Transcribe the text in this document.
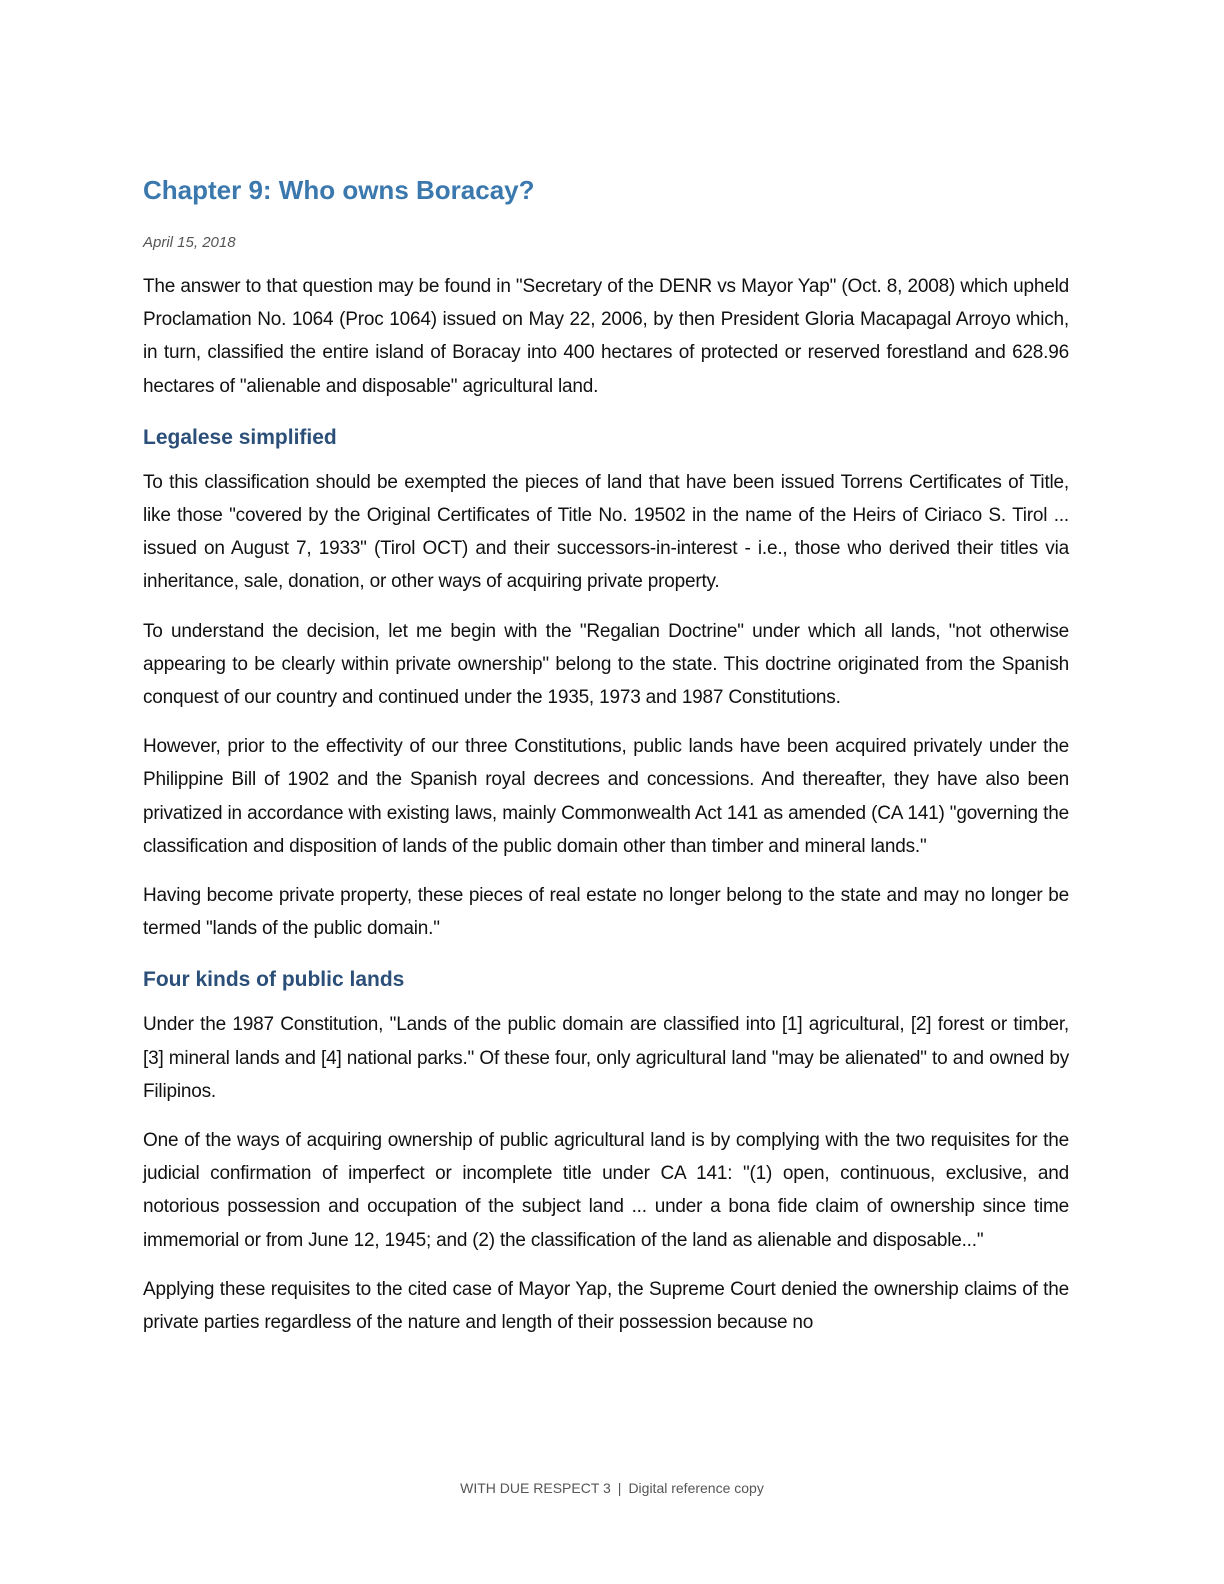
Chapter 9: Who owns Boracay?
April 15, 2018

The answer to that question may be found in "Secretary of the DENR vs Mayor Yap" (Oct. 8, 2008) which upheld Proclamation No. 1064 (Proc 1064) issued on May 22, 2006, by then President Gloria Macapagal Arroyo which, in turn, classified the entire island of Boracay into 400 hectares of protected or reserved forestland and 628.96 hectares of "alienable and disposable" agricultural land.

Legalese simplified

To this classification should be exempted the pieces of land that have been issued Torrens Certificates of Title, like those "covered by the Original Certificates of Title No. 19502 in the name of the Heirs of Ciriaco S. Tirol ... issued on August 7, 1933" (Tirol OCT) and their successors-in-interest - i.e., those who derived their titles via inheritance, sale, donation, or other ways of acquiring private property.

To understand the decision, let me begin with the "Regalian Doctrine" under which all lands, "not otherwise appearing to be clearly within private ownership" belong to the state. This doctrine originated from the Spanish conquest of our country and continued under the 1935, 1973 and 1987 Constitutions.

However, prior to the effectivity of our three Constitutions, public lands have been acquired privately under the Philippine Bill of 1902 and the Spanish royal decrees and concessions. And thereafter, they have also been privatized in accordance with existing laws, mainly Commonwealth Act 141 as amended (CA 141) "governing the classification and disposition of lands of the public domain other than timber and mineral lands."

Having become private property, these pieces of real estate no longer belong to the state and may no longer be termed "lands of the public domain."

Four kinds of public lands

Under the 1987 Constitution, "Lands of the public domain are classified into [1] agricultural, [2] forest or timber, [3] mineral lands and [4] national parks." Of these four, only agricultural land "may be alienated" to and owned by Filipinos.

One of the ways of acquiring ownership of public agricultural land is by complying with the two requisites for the judicial confirmation of imperfect or incomplete title under CA 141: "(1) open, continuous, exclusive, and notorious possession and occupation of the subject land ... under a bona fide claim of ownership since time immemorial or from June 12, 1945; and (2) the classification of the land as alienable and disposable..."

Applying these requisites to the cited case of Mayor Yap, the Supreme Court denied the ownership claims of the private parties regardless of the nature and length of their possession because no

WITH DUE RESPECT 3 | Digital reference copy
